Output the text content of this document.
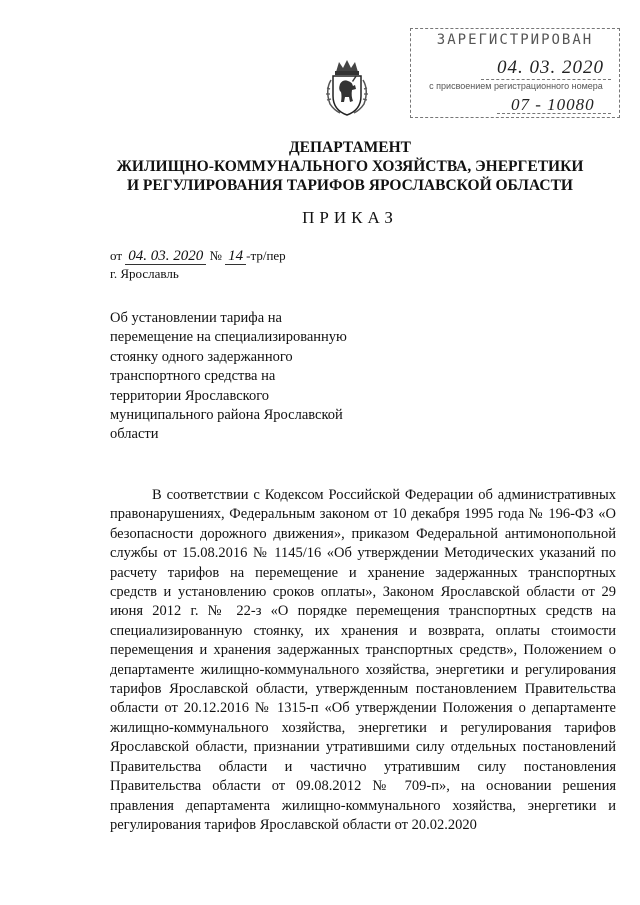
ЗАРЕГИСТРИРОВАН
04. 03. 2020
с присвоением регистрационного номера
07 - 10080
ДЕПАРТАМЕНТ
ЖИЛИЩНО-КОММУНАЛЬНОГО ХОЗЯЙСТВА, ЭНЕРГЕТИКИ
И РЕГУЛИРОВАНИЯ ТАРИФОВ ЯРОСЛАВСКОЙ ОБЛАСТИ
ПРИКАЗ
от 04. 03. 2020 № 14 -тр/пер
г. Ярославль
Об установлении тарифа на перемещение на специализированную стоянку одного задержанного транспортного средства на территории Ярославского муниципального района Ярославской области
В соответствии с Кодексом Российской Федерации об административных правонарушениях, Федеральным законом от 10 декабря 1995 года № 196-ФЗ «О безопасности дорожного движения», приказом Федеральной антимонопольной службы от 15.08.2016 № 1145/16 «Об утверждении Методических указаний по расчету тарифов на перемещение и хранение задержанных транспортных средств и установлению сроков оплаты», Законом Ярославской области от 29 июня 2012 г. № 22-з «О порядке перемещения транспортных средств на специализированную стоянку, их хранения и возврата, оплаты стоимости перемещения и хранения задержанных транспортных средств», Положением о департаменте жилищно-коммунального хозяйства, энергетики и регулирования тарифов Ярославской области, утвержденным постановлением Правительства области от 20.12.2016 № 1315-п «Об утверждении Положения о департаменте жилищно-коммунального хозяйства, энергетики и регулирования тарифов Ярославской области, признании утратившими силу отдельных постановлений Правительства области и частично утратившим силу постановления Правительства области от 09.08.2012 № 709-п», на основании решения правления департамента жилищно-коммунального хозяйства, энергетики и регулирования тарифов Ярославской области от 20.02.2020
